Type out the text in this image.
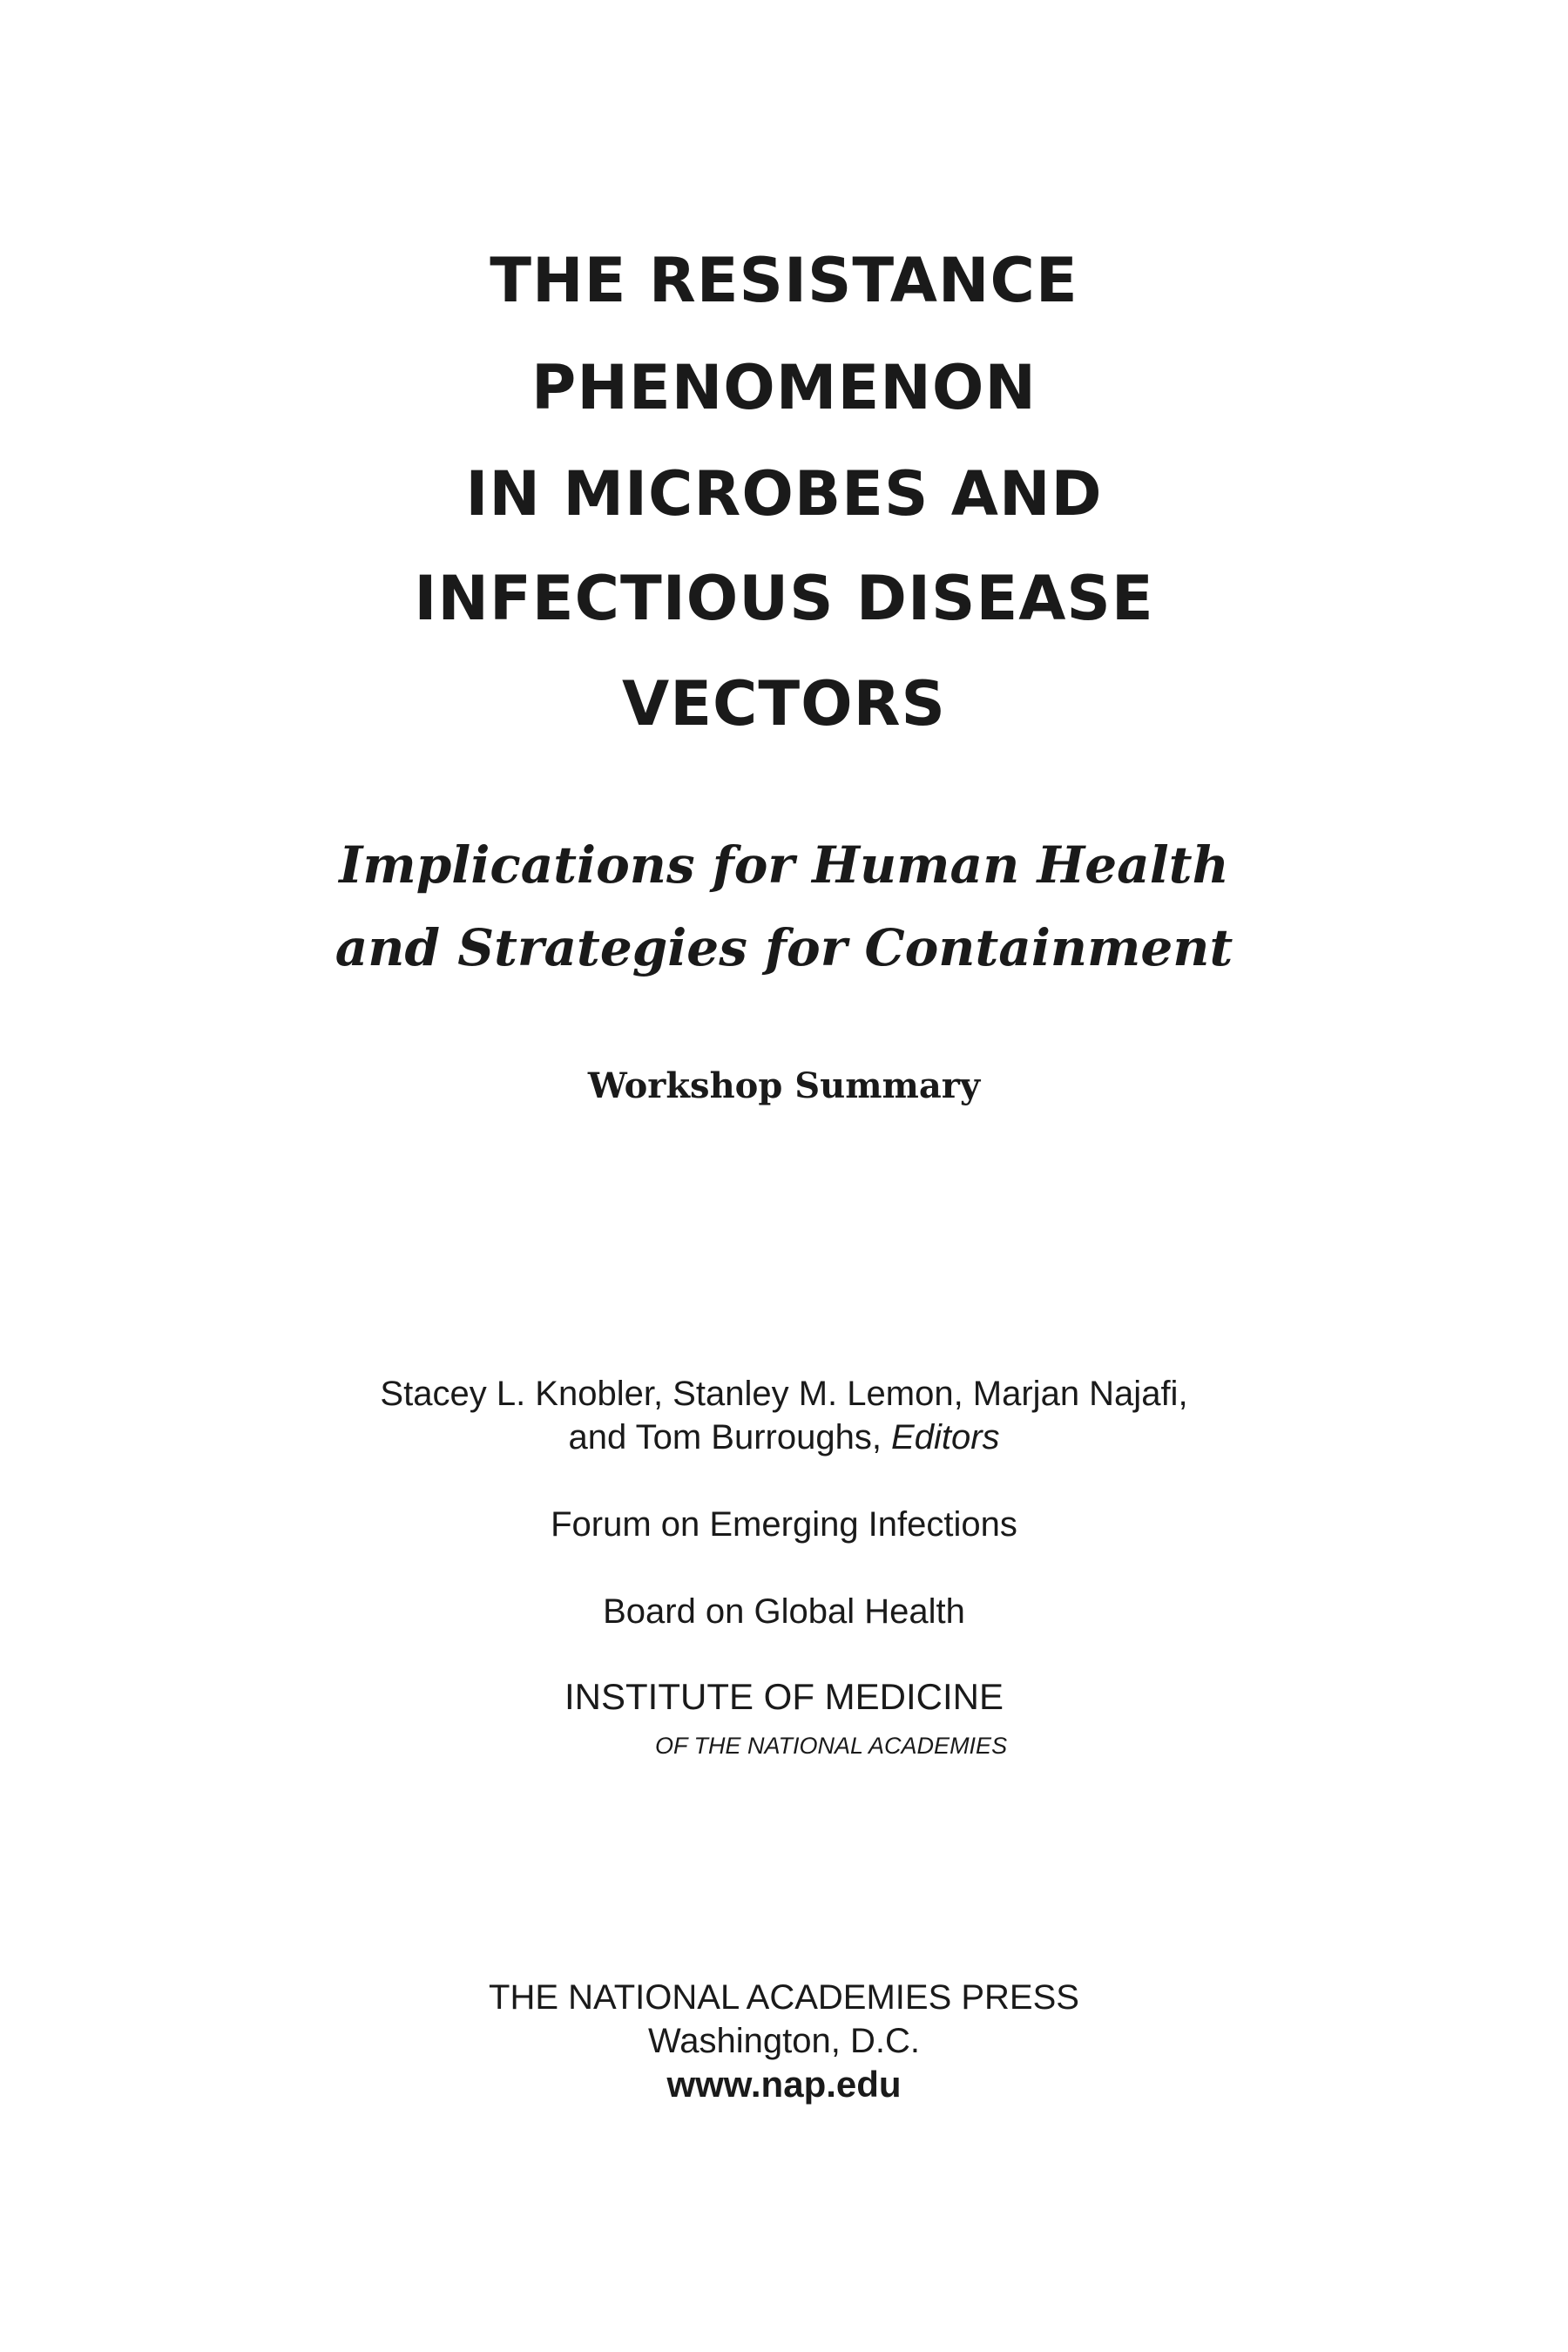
THE RESISTANCE

PHENOMENON

IN MICROBES AND

INFECTIOUS DISEASE

VECTORS

Implications for Human Health

and Strategies for Containment

Workshop Summary

Stacey L. Knobler, Stanley M. Lemon, Marjan Najafi,

and Tom Burroughs, Editors

Forum on Emerging Infections

Board on Global Health

INSTITUTE OF MEDICINE

OF THE NATIONAL ACADEMIES

THE NATIONAL ACADEMIES PRESS

Washington, D.C.

www.nap.edu
